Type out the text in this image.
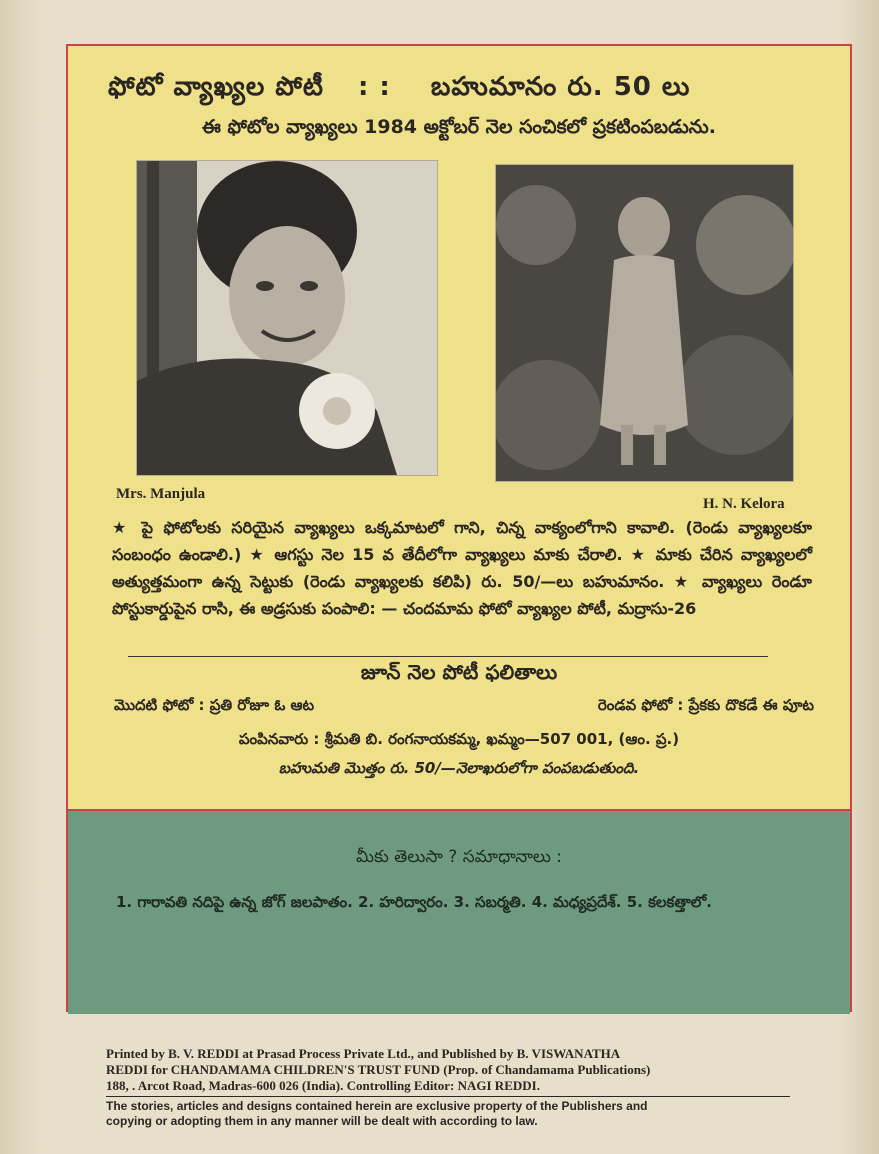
ఫోటో వ్యాఖ్యల పోటీ : : బహుమానం రు. 50 లు
ఈ ఫోటోల వ్యాఖ్యలు 1984 అక్టోబర్ నెల సంచికలో ప్రకటింపబడును.
Mrs. Manjula
H. N. Kelora
★ పై ఫోటోలకు సరియైన వ్యాఖ్యలు ఒక్కమాటలో గాని, చిన్న వాక్యంలోగాని కావాలి. (రెండు వ్యాఖ్యలకూ సంబంధం ఉండాలి.) ★ ఆగస్టు నెల 15 వ తేదీలోగా వ్యాఖ్యలు మాకు చేరాలి. ★ మాకు చేరిన వ్యాఖ్యలలో అత్యుత్తమంగా ఉన్న సెట్టుకు (రెండు వ్యాఖ్యలకు కలిపి) రు. 50/—లు బహుమానం. ★ వ్యాఖ్యలు రెండూ పోస్టుకార్డుపైన రాసి, ఈ అడ్రసుకు పంపాలి: — చందమామ ఫోటో వ్యాఖ్యల పోటీ, మద్రాసు-26
జూన్ నెల పోటీ ఫలితాలు
మొదటి ఫోటో : ప్రతి రోజూ ఓ ఆట	రెండవ ఫోటో : ప్రేకకు దొకడే ఈ పూట
పంపినవారు : శ్రీమతి బి. రంగనాయకమ్మ, ఖమ్మం—507 001, (ఆం. ప్ర.)
బహుమతి మొత్తం రు. 50/—నెలాఖరులోగా పంపబడుతుంది.
మీకు తెలుసా ? సమాధానాలు :
1. గారావతి నదిపై ఉన్న జోగ్ జలపాతం. 2. హరిద్వారం. 3. సబర్మతి. 4. మధ్యప్రదేశ్. 5. కలకత్తాలో.
Printed by B. V. REDDI at Prasad Process Private Ltd., and Published by B. VISWANATHA
REDDI for CHANDAMAMA CHILDREN'S TRUST FUND (Prop. of Chandamama Publications)
188, . Arcot Road, Madras-600 026 (India). Controlling Editor: NAGI REDDI.
The stories, articles and designs contained herein are exclusive property of the Publishers and
copying or adopting them in any manner will be dealt with according to law.
